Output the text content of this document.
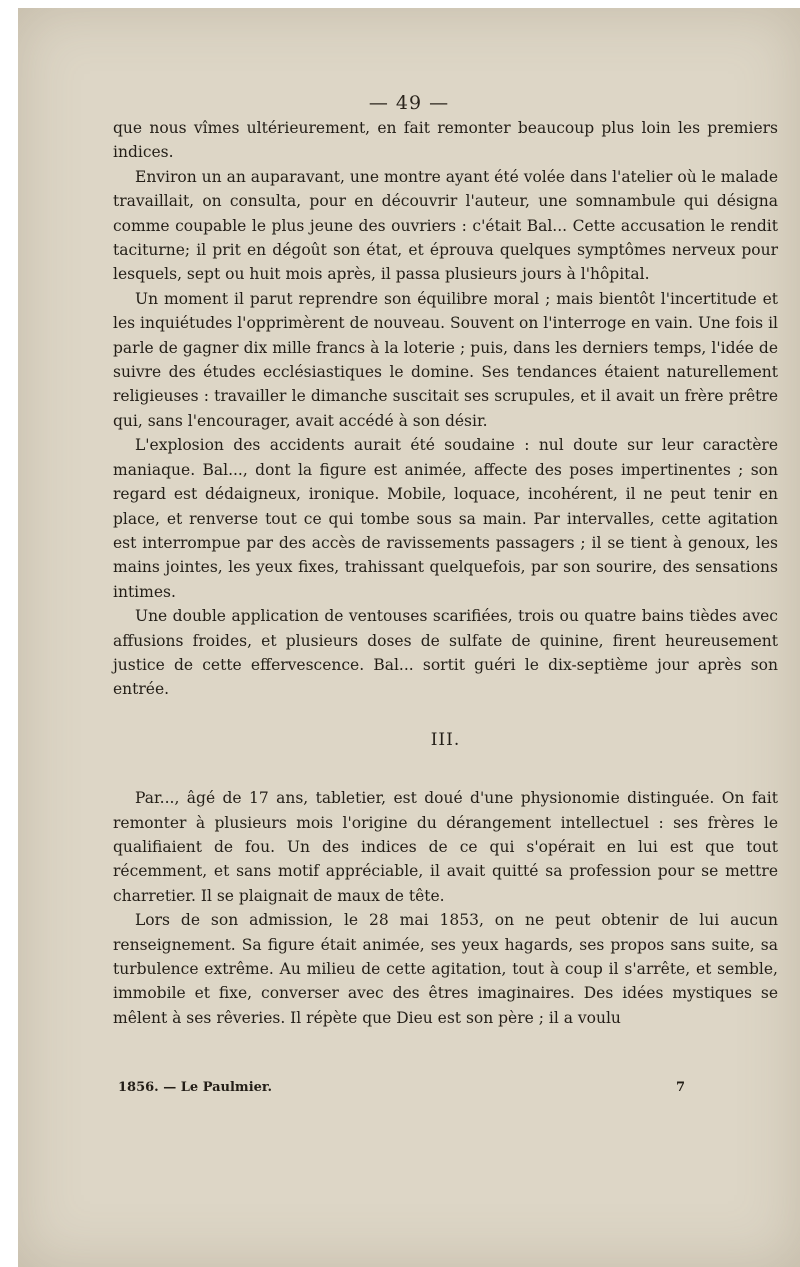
— 49 —

que nous vîmes ultérieurement, en fait remonter beaucoup plus loin les premiers indices.

Environ un an auparavant, une montre ayant été volée dans l'atelier où le malade travaillait, on consulta, pour en découvrir l'auteur, une somnambule qui désigna comme coupable le plus jeune des ouvriers : c'était Bal... Cette accusation le rendit taciturne; il prit en dégoût son état, et éprouva quelques symptômes nerveux pour lesquels, sept ou huit mois après, il passa plusieurs jours à l'hôpital.

Un moment il parut reprendre son équilibre moral ; mais bientôt l'incertitude et les inquiétudes l'opprimèrent de nouveau. Souvent on l'interroge en vain. Une fois il parle de gagner dix mille francs à la loterie ; puis, dans les derniers temps, l'idée de suivre des études ecclésiastiques le domine. Ses tendances étaient naturellement religieuses : travailler le dimanche suscitait ses scrupules, et il avait un frère prêtre qui, sans l'encourager, avait accédé à son désir.

L'explosion des accidents aurait été soudaine : nul doute sur leur caractère maniaque. Bal..., dont la figure est animée, affecte des poses impertinentes ; son regard est dédaigneux, ironique. Mobile, loquace, incohérent, il ne peut tenir en place, et renverse tout ce qui tombe sous sa main. Par intervalles, cette agitation est interrompue par des accès de ravissements passagers ; il se tient à genoux, les mains jointes, les yeux fixes, trahissant quelquefois, par son sourire, des sensations intimes.

Une double application de ventouses scarifiées, trois ou quatre bains tièdes avec affusions froides, et plusieurs doses de sulfate de quinine, firent heureusement justice de cette effervescence. Bal... sortit guéri le dix-septième jour après son entrée.

III.

Par..., âgé de 17 ans, tabletier, est doué d'une physionomie distinguée. On fait remonter à plusieurs mois l'origine du dérangement intellectuel : ses frères le qualifiaient de fou. Un des indices de ce qui s'opérait en lui est que tout récemment, et sans motif appréciable, il avait quitté sa profession pour se mettre charretier. Il se plaignait de maux de tête.

Lors de son admission, le 28 mai 1853, on ne peut obtenir de lui aucun renseignement. Sa figure était animée, ses yeux hagards, ses propos sans suite, sa turbulence extrême. Au milieu de cette agitation, tout à coup il s'arrête, et semble, immobile et fixe, converser avec des êtres imaginaires. Des idées mystiques se mêlent à ses rêveries. Il répète que Dieu est son père ; il a voulu

1856. — Le Paulmier.	7
